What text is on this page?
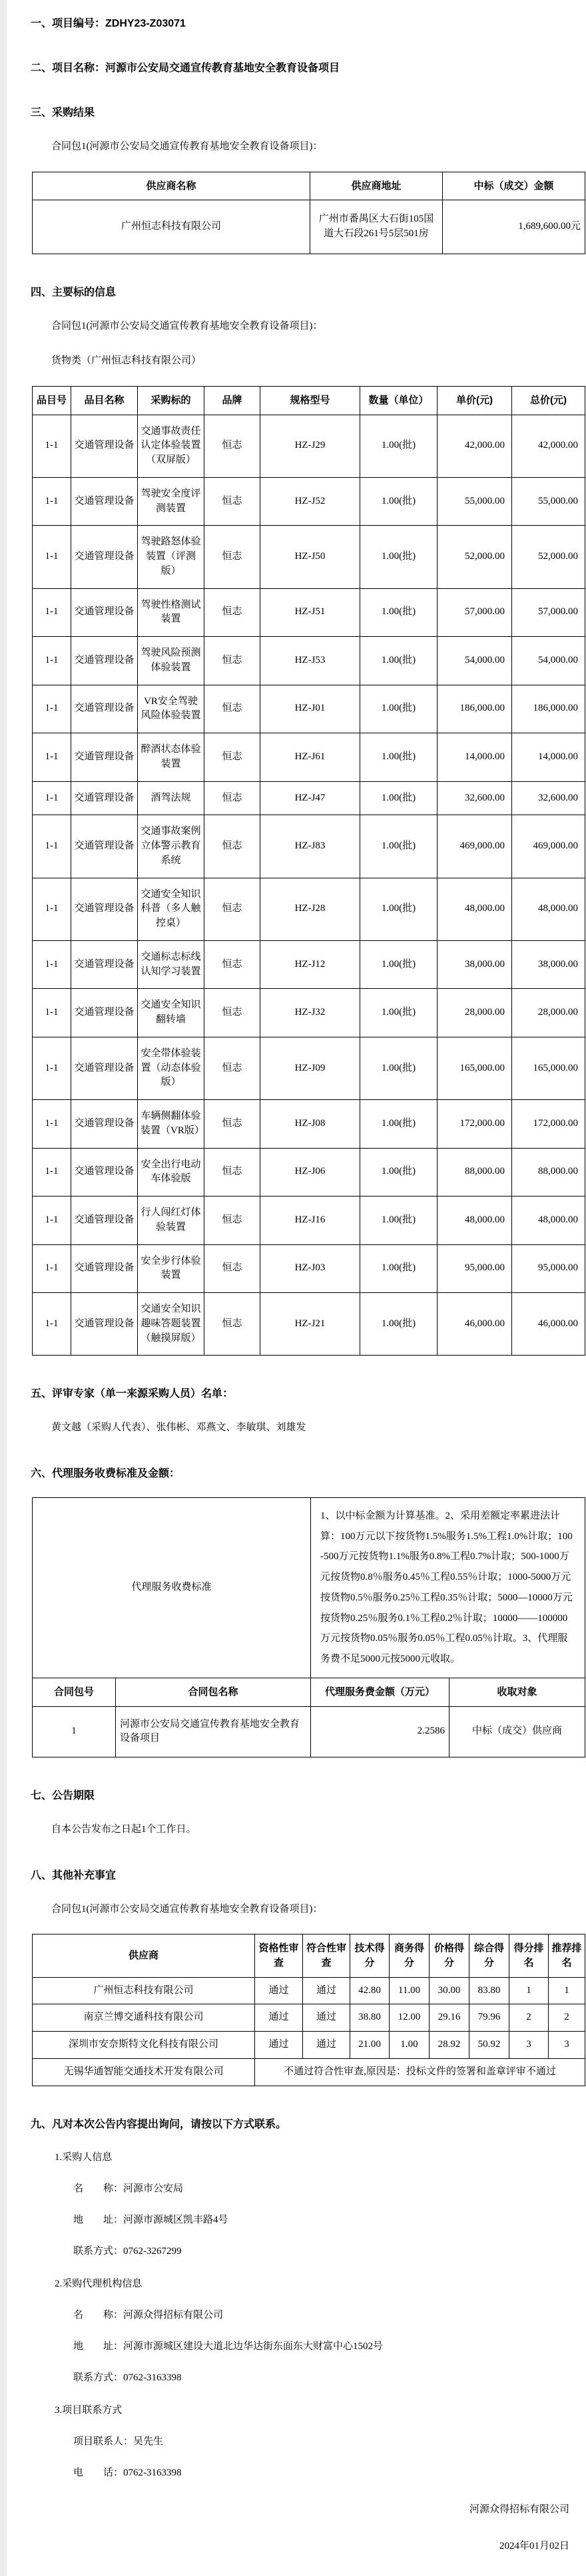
一、项目编号：ZDHY23-Z03071
二、项目名称：河源市公安局交通宣传教育基地安全教育设备项目
三、采购结果
合同包1(河源市公安局交通宣传教育基地安全教育设备项目)：
供应商名称	供应商地址	中标（成交）金额
广州恒志科技有限公司	广州市番禺区大石街105国道大石段261号5层501房	1,689,600.00元
四、主要标的信息
合同包1(河源市公安局交通宣传教育基地安全教育设备项目)：
货物类（广州恒志科技有限公司）
品目号	品目名称	采购标的	品牌	规格型号	数量（单位）	单价(元)	总价(元)
1-1	交通管理设备	交通事故责任认定体验装置（双屏版）	恒志	HZ-J29	1.00(批)	42,000.00	42,000.00
1-1	交通管理设备	驾驶安全度评测装置	恒志	HZ-J52	1.00(批)	55,000.00	55,000.00
1-1	交通管理设备	驾驶路怒体验装置（评测版）	恒志	HZ-J50	1.00(批)	52,000.00	52,000.00
1-1	交通管理设备	驾驶性格测试装置	恒志	HZ-J51	1.00(批)	57,000.00	57,000.00
1-1	交通管理设备	驾驶风险预测体验装置	恒志	HZ-J53	1.00(批)	54,000.00	54,000.00
1-1	交通管理设备	VR安全驾驶风险体验装置	恒志	HZ-J01	1.00(批)	186,000.00	186,000.00
1-1	交通管理设备	醉酒状态体验装置	恒志	HZ-J61	1.00(批)	14,000.00	14,000.00
1-1	交通管理设备	酒驾法规	恒志	HZ-J47	1.00(批)	32,600.00	32,600.00
1-1	交通管理设备	交通事故案例立体警示教育系统	恒志	HZ-J83	1.00(批)	469,000.00	469,000.00
1-1	交通管理设备	交通安全知识科普（多人触控桌）	恒志	HZ-J28	1.00(批)	48,000.00	48,000.00
1-1	交通管理设备	交通标志标线认知学习装置	恒志	HZ-J12	1.00(批)	38,000.00	38,000.00
1-1	交通管理设备	交通安全知识翻转墙	恒志	HZ-J32	1.00(批)	28,000.00	28,000.00
1-1	交通管理设备	安全带体验装置（动态体验版）	恒志	HZ-J09	1.00(批)	165,000.00	165,000.00
1-1	交通管理设备	车辆侧翻体验装置（VR版）	恒志	HZ-J08	1.00(批)	172,000.00	172,000.00
1-1	交通管理设备	安全出行电动车体验版	恒志	HZ-J06	1.00(批)	88,000.00	88,000.00
1-1	交通管理设备	行人闯红灯体验装置	恒志	HZ-J16	1.00(批)	48,000.00	48,000.00
1-1	交通管理设备	安全步行体验装置	恒志	HZ-J03	1.00(批)	95,000.00	95,000.00
1-1	交通管理设备	交通安全知识趣味答题装置（触摸屏版）	恒志	HZ-J21	1.00(批)	46,000.00	46,000.00
五、评审专家（单一来源采购人员）名单：
黄文越（采购人代表）、张伟彬、邓燕文、李敏琪、刘雄发
六、代理服务收费标准及金额：
代理服务收费标准	1、以中标金额为计算基准。2、采用差额定率累进法计算：100万元以下按货物1.5%服务1.5%工程1.0%计取；100-500万元按货物1.1%服务0.8%工程0.7%计取；500-1000万元按货物0.8％服务0.45％工程0.55％计取；1000-5000万元按货物0.5％服务0.25％工程0.35％计取；5000—10000万元按货物0.25％服务0.1％工程0.2％计取；10000——100000万元按货物0.05％服务0.05％工程0.05％计取。3、代理服务费不足5000元按5000元收取。
合同包号	合同包名称	代理服务费金额（万元）	收取对象
1	河源市公安局交通宣传教育基地安全教育设备项目	2.2586	中标（成交）供应商
七、公告期限
自本公告发布之日起1个工作日。
八、其他补充事宜
合同包1(河源市公安局交通宣传教育基地安全教育设备项目)：
供应商	资格性审查	符合性审查	技术得分	商务得分	价格得分	综合得分	得分排名	推荐排名
广州恒志科技有限公司	通过	通过	42.80	11.00	30.00	83.80	1	1
南京兰博交通科技有限公司	通过	通过	38.80	12.00	29.16	79.96	2	2
深圳市安奈斯特文化科技有限公司	通过	通过	21.00	1.00	28.92	50.92	3	3
无锡华通智能交通技术开发有限公司	不通过符合性审查,原因是：投标文件的签署和盖章评审不通过							
九、凡对本次公告内容提出询问，请按以下方式联系。
1.采购人信息
名　　称：河源市公安局
地　　址：河源市源城区凯丰路4号
联系方式：0762-3267299
2.采购代理机构信息
名　　称：河源众得招标有限公司
地　　址：河源市源城区建设大道北边华达街东面东大财富中心1502号
联系方式：0762-3163398
3.项目联系方式
项目联系人：吴先生
电　　话：0762-3163398
河源众得招标有限公司
2024年01月02日
